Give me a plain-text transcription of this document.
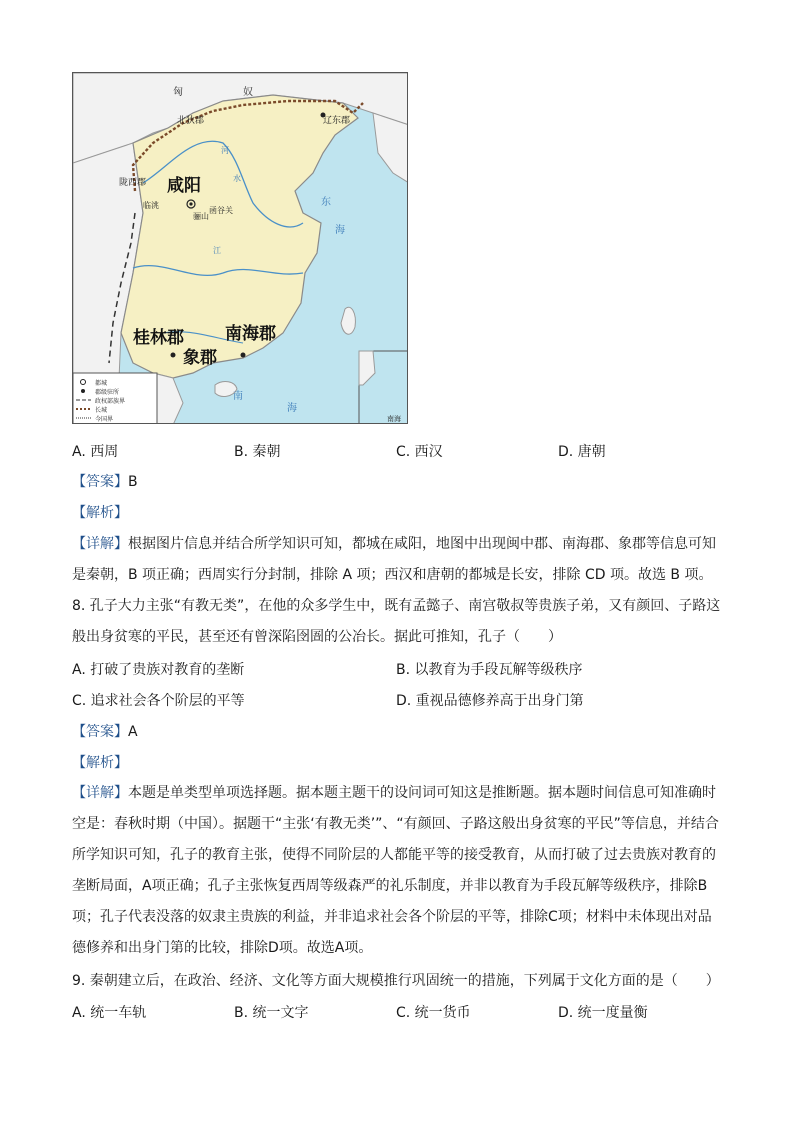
匈	奴
北狄郡	辽东郡
陇西郡 咸阳
临洮
函谷关
骊山
河
水
江
东
海
桂林郡 南海郡
象郡
南
海
南海
都城
郡级驻所
政权部族界
长城
今国界
A. 西周	B. 秦朝	C. 西汉	D. 唐朝
【答案】B
【解析】
【详解】根据图片信息并结合所学知识可知，都城在咸阳，地图中出现闽中郡、南海郡、象郡等信息可知是秦朝，B 项正确；西周实行分封制，排除 A 项；西汉和唐朝的都城是长安，排除 CD 项。故选 B 项。
8. 孔子大力主张“有教无类”，在他的众多学生中，既有孟懿子、南宫敬叔等贵族子弟，又有颜回、子路这般出身贫寒的平民，甚至还有曾深陷囹圄的公冶长。据此可推知，孔子（　　）
A. 打破了贵族对教育的垄断	B. 以教育为手段瓦解等级秩序
C. 追求社会各个阶层的平等	D. 重视品德修养高于出身门第
【答案】A
【解析】
【详解】本题是单类型单项选择题。据本题主题干的设问词可知这是推断题。据本题时间信息可知准确时空是：春秋时期（中国）。据题干“主张‘有教无类’”、“有颜回、子路这般出身贫寒的平民”等信息，并结合所学知识可知，孔子的教育主张，使得不同阶层的人都能平等的接受教育，从而打破了过去贵族对教育的垄断局面，A项正确；孔子主张恢复西周等级森严的礼乐制度，并非以教育为手段瓦解等级秩序，排除B项；孔子代表没落的奴隶主贵族的利益，并非追求社会各个阶层的平等，排除C项；材料中未体现出对品德修养和出身门第的比较，排除D项。故选A项。
9. 秦朝建立后，在政治、经济、文化等方面大规模推行巩固统一的措施，下列属于文化方面的是（　　）
A. 统一车轨	B. 统一文字	C. 统一货币	D. 统一度量衡
